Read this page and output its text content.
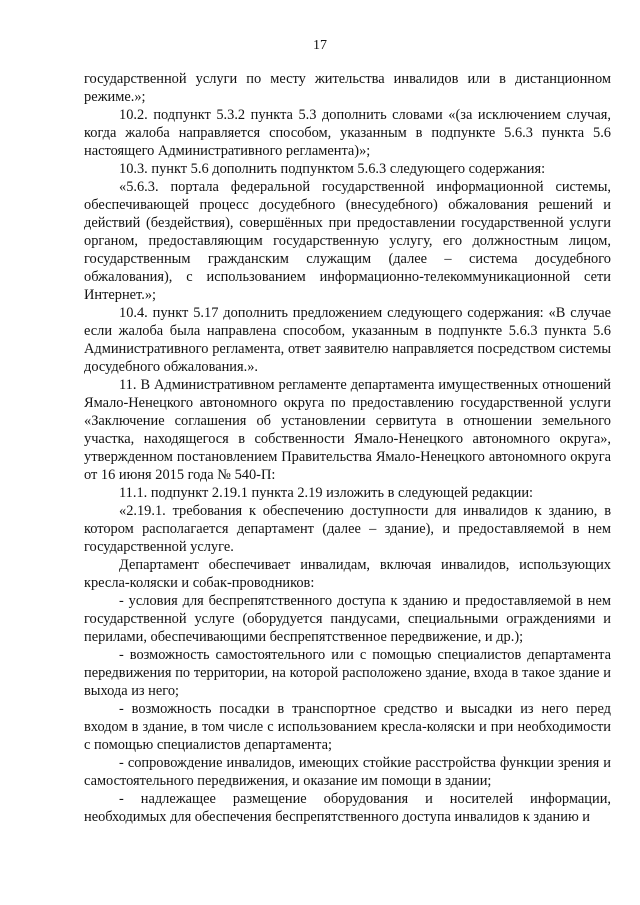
17

государственной услуги по месту жительства инвалидов или в дистанционном режиме.»;

10.2. подпункт 5.3.2 пункта 5.3 дополнить словами «(за исключением случая, когда жалоба направляется способом, указанным в подпункте 5.6.3 пункта 5.6 настоящего Административного регламента)»;

10.3. пункт 5.6 дополнить подпунктом 5.6.3 следующего содержания:

«5.6.3. портала федеральной государственной информационной системы, обеспечивающей процесс досудебного (внесудебного) обжалования решений и действий (бездействия), совершённых при предоставлении государственной услуги органом, предоставляющим государственную услугу, его должностным лицом, государственным гражданским служащим (далее – система досудебного обжалования), с использованием информационно-телекоммуникационной сети Интернет.»;

10.4. пункт 5.17 дополнить предложением следующего содержания: «В случае если жалоба была направлена способом, указанным в подпункте 5.6.3 пункта 5.6 Административного регламента, ответ заявителю направляется посредством системы досудебного обжалования.».

11. В Административном регламенте департамента имущественных отношений Ямало-Ненецкого автономного округа по предоставлению государственной услуги «Заключение соглашения об установлении сервитута в отношении земельного участка, находящегося в собственности Ямало-Ненецкого автономного округа», утвержденном постановлением Правительства Ямало-Ненецкого автономного округа от 16 июня 2015 года № 540-П:

11.1. подпункт 2.19.1 пункта 2.19 изложить в следующей редакции:

«2.19.1. требования к обеспечению доступности для инвалидов к зданию, в котором располагается департамент (далее – здание), и предоставляемой в нем государственной услуге.

Департамент обеспечивает инвалидам, включая инвалидов, использующих кресла-коляски и собак-проводников:

- условия для беспрепятственного доступа к зданию и предоставляемой в нем государственной услуге (оборудуется пандусами, специальными ограждениями и перилами, обеспечивающими беспрепятственное передвижение, и др.);

- возможность самостоятельного или с помощью специалистов департамента передвижения по территории, на которой расположено здание, входа в такое здание и выхода из него;

- возможность посадки в транспортное средство и высадки из него перед входом в здание, в том числе с использованием кресла-коляски и при необходимости с помощью специалистов департамента;

- сопровождение инвалидов, имеющих стойкие расстройства функции зрения и самостоятельного передвижения, и оказание им помощи в здании;

- надлежащее размещение оборудования и носителей информации, необходимых для обеспечения беспрепятственного доступа инвалидов к зданию и
